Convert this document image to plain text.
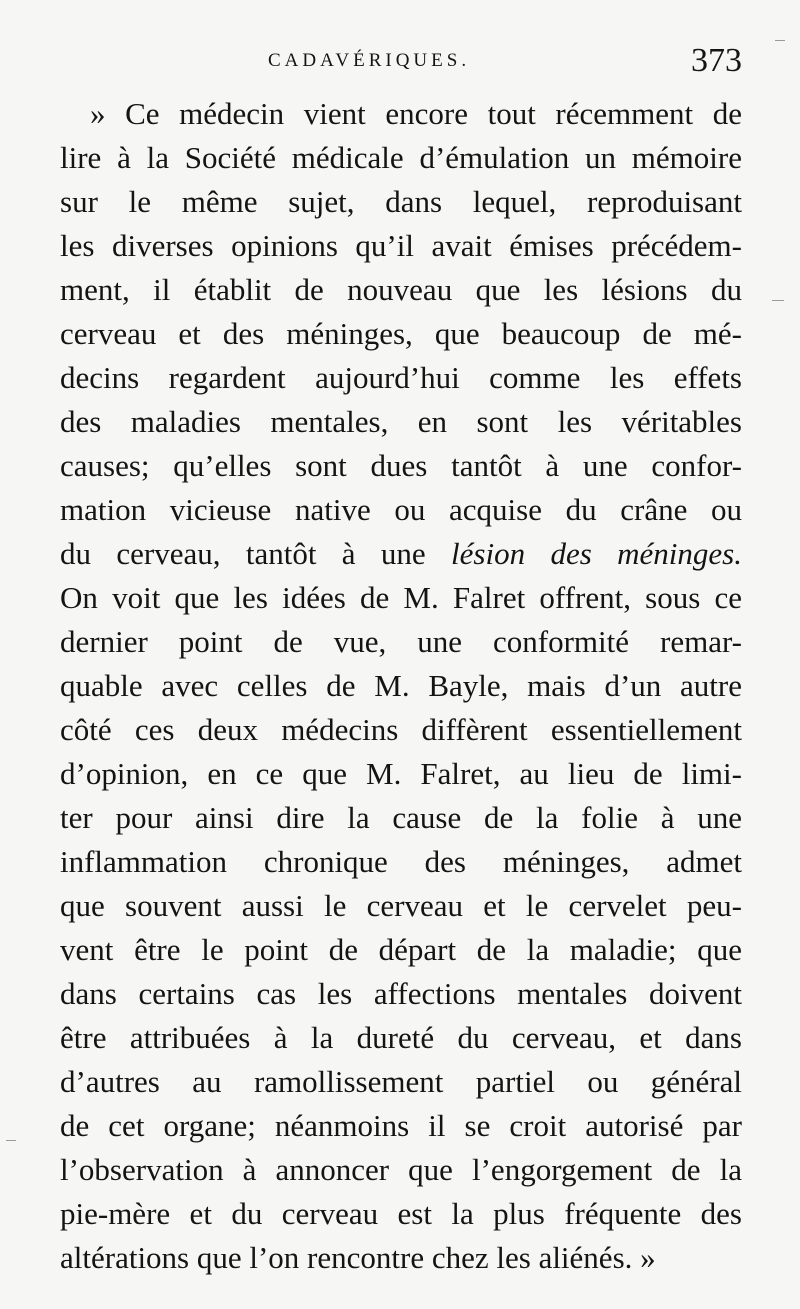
CADAVÉRIQUES.	373
» Ce médecin vient encore tout récemment de
lire à la Société médicale d’émulation un mémoire
sur le même sujet, dans lequel, reproduisant
les diverses opinions qu’il avait émises précédem-
ment, il établit de nouveau que les lésions du
cerveau et des méninges, que beaucoup de mé-
decins regardent aujourd’hui comme les effets
des maladies mentales, en sont les véritables
causes; qu’elles sont dues tantôt à une confor-
mation vicieuse native ou acquise du crâne ou
du cerveau, tantôt à une lésion des méninges.
On voit que les idées de M. Falret offrent, sous ce
dernier point de vue, une conformité remar-
quable avec celles de M. Bayle, mais d’un autre
côté ces deux médecins diffèrent essentiellement
d’opinion, en ce que M. Falret, au lieu de limi-
ter pour ainsi dire la cause de la folie à une
inflammation chronique des méninges, admet
que souvent aussi le cerveau et le cervelet peu-
vent être le point de départ de la maladie; que
dans certains cas les affections mentales doivent
être attribuées à la dureté du cerveau, et dans
d’autres au ramollissement partiel ou général
de cet organe; néanmoins il se croit autorisé par
l’observation à annoncer que l’engorgement de la
pie-mère et du cerveau est la plus fréquente des
altérations que l’on rencontre chez les aliénés. »
